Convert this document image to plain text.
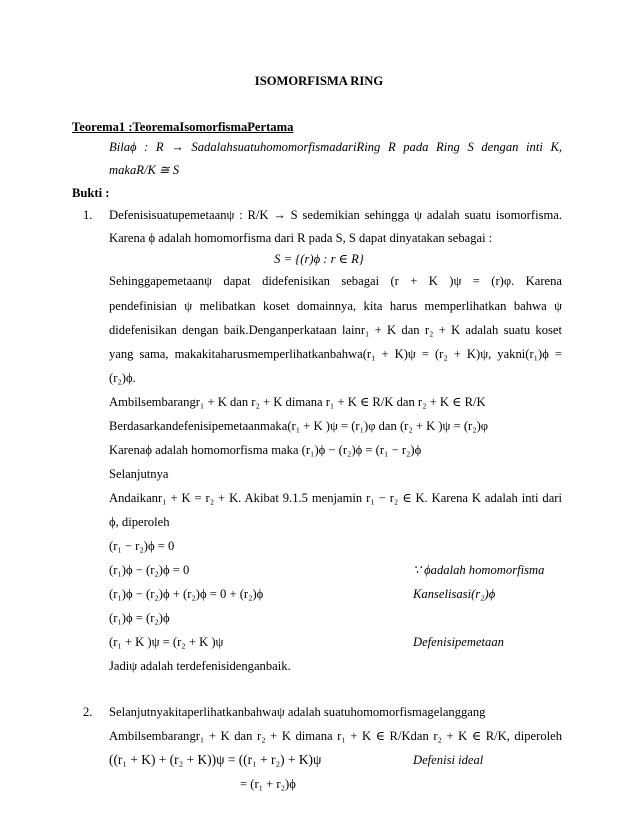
ISOMORFISMA RING
Teorema1 :TeoremaIsomorfismaPertama
Bilaϕ : R → SadalahsuatuhomomorfismadariRing R pada Ring S dengan inti K,
makaR/K ≅ S
Bukti :
1. Defenisisuatupemetaanψ : R/K → S sedemikian sehingga ψ adalah suatu isomorfisma.
Karena ϕ adalah homomorfisma dari R pada S, S dapat dinyatakan sebagai :
S = {(r)ϕ : r ∈ R}
Sehinggapemetaanψ dapat didefenisikan sebagai (r + K )ψ = (r)φ. Karena
pendefinisian ψ melibatkan koset domainnya, kita harus memperlihatkan bahwa ψ
didefenisikan dengan baik.Denganperkataan lainr₁ + K dan r₂ + K adalah suatu koset
yang sama, makakitaharusmemperlihatkanbahwa(r₁ + K)ψ = (r₂ + K)ψ, yakni(r₁)ϕ =
(r₂)ϕ.
Ambilsembarangr₁ + K dan r₂ + K dimana r₁ + K ∈ R/K dan r₂ + K ∈ R/K
Berdasarkandefenisipemetaanmaka(r₁ + K )ψ = (r₁)φ dan (r₂ + K )ψ = (r₂)φ
Karenaϕ adalah homomorfisma maka (r₁)ϕ − (r₂)ϕ = (r₁ − r₂)ϕ
Selanjutnya
Andaikanr₁ + K = r₂ + K. Akibat 9.1.5 menjamin r₁ − r₂ ∈ K. Karena K adalah inti dari
ϕ, diperoleh
(r₁ − r₂)ϕ = 0
(r₁)ϕ − (r₂)ϕ = 0	∵ ϕadalah homomorfisma
(r₁)ϕ − (r₂)ϕ + (r₂)ϕ = 0 + (r₂)ϕ	Kanselisasi(r₂)ϕ
(r₁)ϕ = (r₂)ϕ
(r₁ + K )ψ = (r₂ + K )ψ	Defenisipemetaan
Jadiψ adalah terdefenisidenganbaik.
2. Selanjutnyakitaperlihatkanbahwaψ adalah suatuhomomorfismagelanggang
Ambilsembarangr₁ + K dan r₂ + K dimana r₁ + K ∈ R/Kdan r₂ + K ∈ R/K, diperoleh
((r₁ + K) + (r₂ + K))ψ = ((r₁ + r₂) + K)ψ	Defenisi ideal
= (r₁ + r₂)ϕ
